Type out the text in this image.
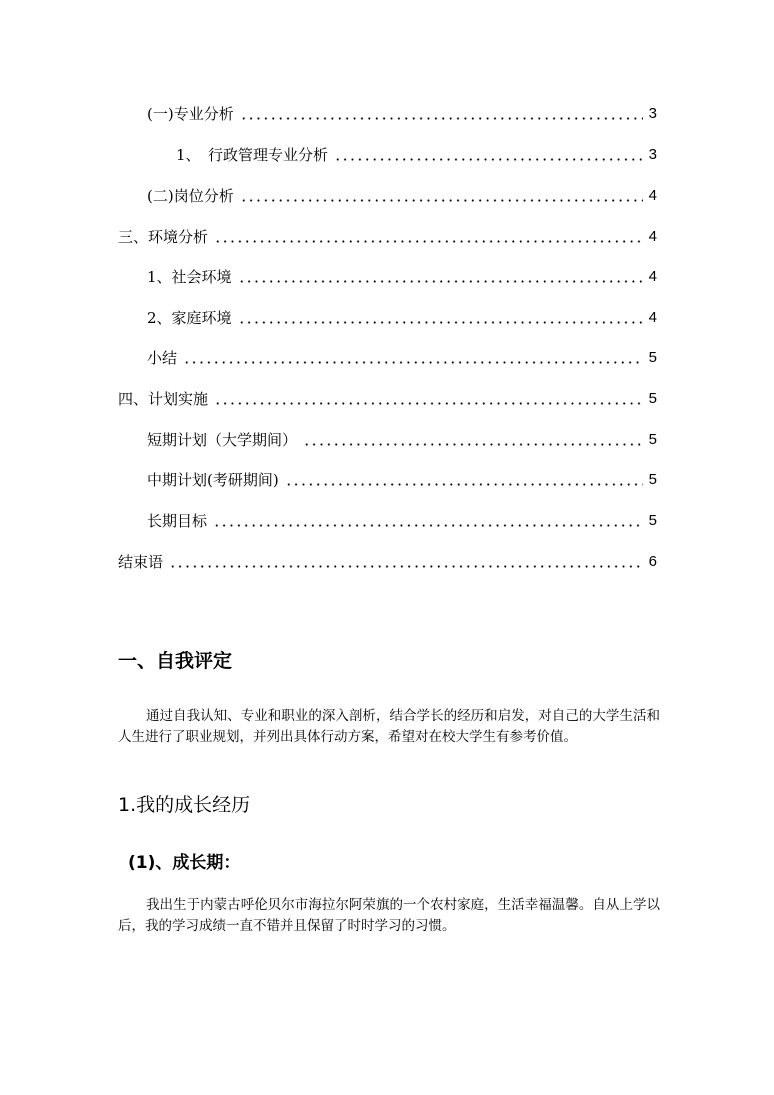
(一)专业分析	3
1、　行政管理专业分析	3
(二)岗位分析	4
三、环境分析	4
1、社会环境	4
2、家庭环境	4
小结	5
四、计划实施	5
短期计划（大学期间）	5
中期计划(考研期间)	5
长期目标	5
结束语	6
一、自我评定

通过自我认知、专业和职业的深入剖析，结合学长的经历和启发，对自己的大学生活和人生进行了职业规划，并列出具体行动方案，希望对在校大学生有参考价值。

1.我的成长经历
(1)、成长期：

我出生于内蒙古呼伦贝尔市海拉尔阿荣旗的一个农村家庭，生活幸福温馨。自从上学以后，我的学习成绩一直不错并且保留了时时学习的习惯。
